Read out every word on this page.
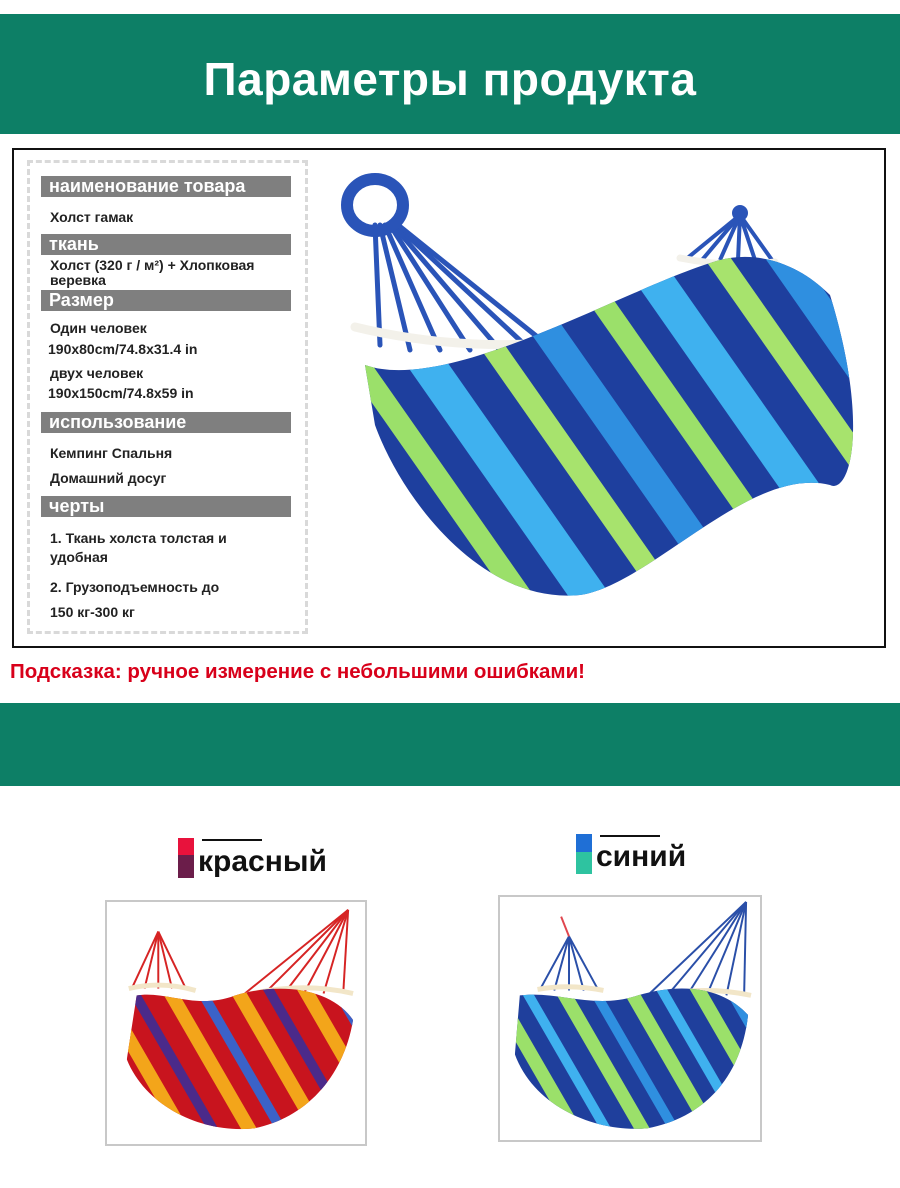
Параметры продукта
наименование товара
Холст гамак
ткань
Холст (320 г / м²) + Хлопковая
веревка
Размер
Один человек
190x80cm/74.8x31.4 in
двух человек
190x150cm/74.8x59 in
использование
Кемпинг Спальня
Домашний досуг
черты
1. Ткань холста толстая и
удобная
2. Грузоподъемность до
150 кг-300 кг
Подсказка: ручное измерение с небольшими ошибками!
красный	синий
